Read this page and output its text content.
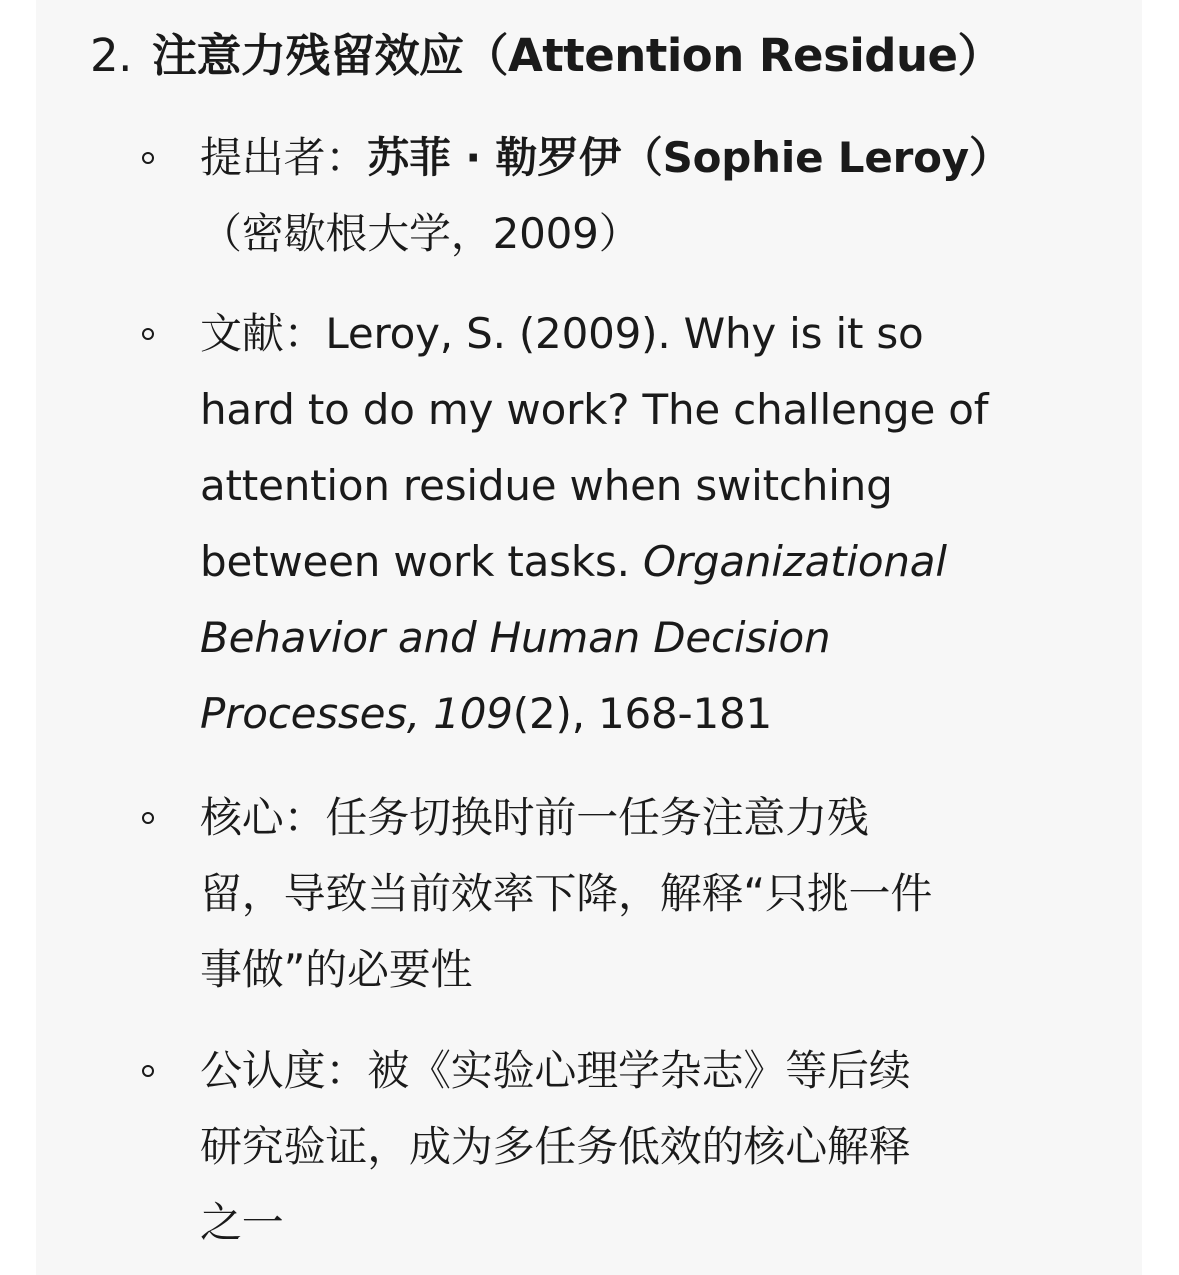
2. 注意力残留效应（Attention Residue）
提出者：苏菲 · 勒罗伊（Sophie Leroy）
（密歇根大学，2009）
文献：Leroy, S. (2009). Why is it so
hard to do my work? The challenge of
attention residue when switching
between work tasks. Organizational
Behavior and Human Decision
Processes, 109(2), 168-181
核心：任务切换时前一任务注意力残
留，导致当前效率下降，解释“只挑一件
事做”的必要性
公认度：被《实验心理学杂志》等后续
研究验证，成为多任务低效的核心解释
之一
